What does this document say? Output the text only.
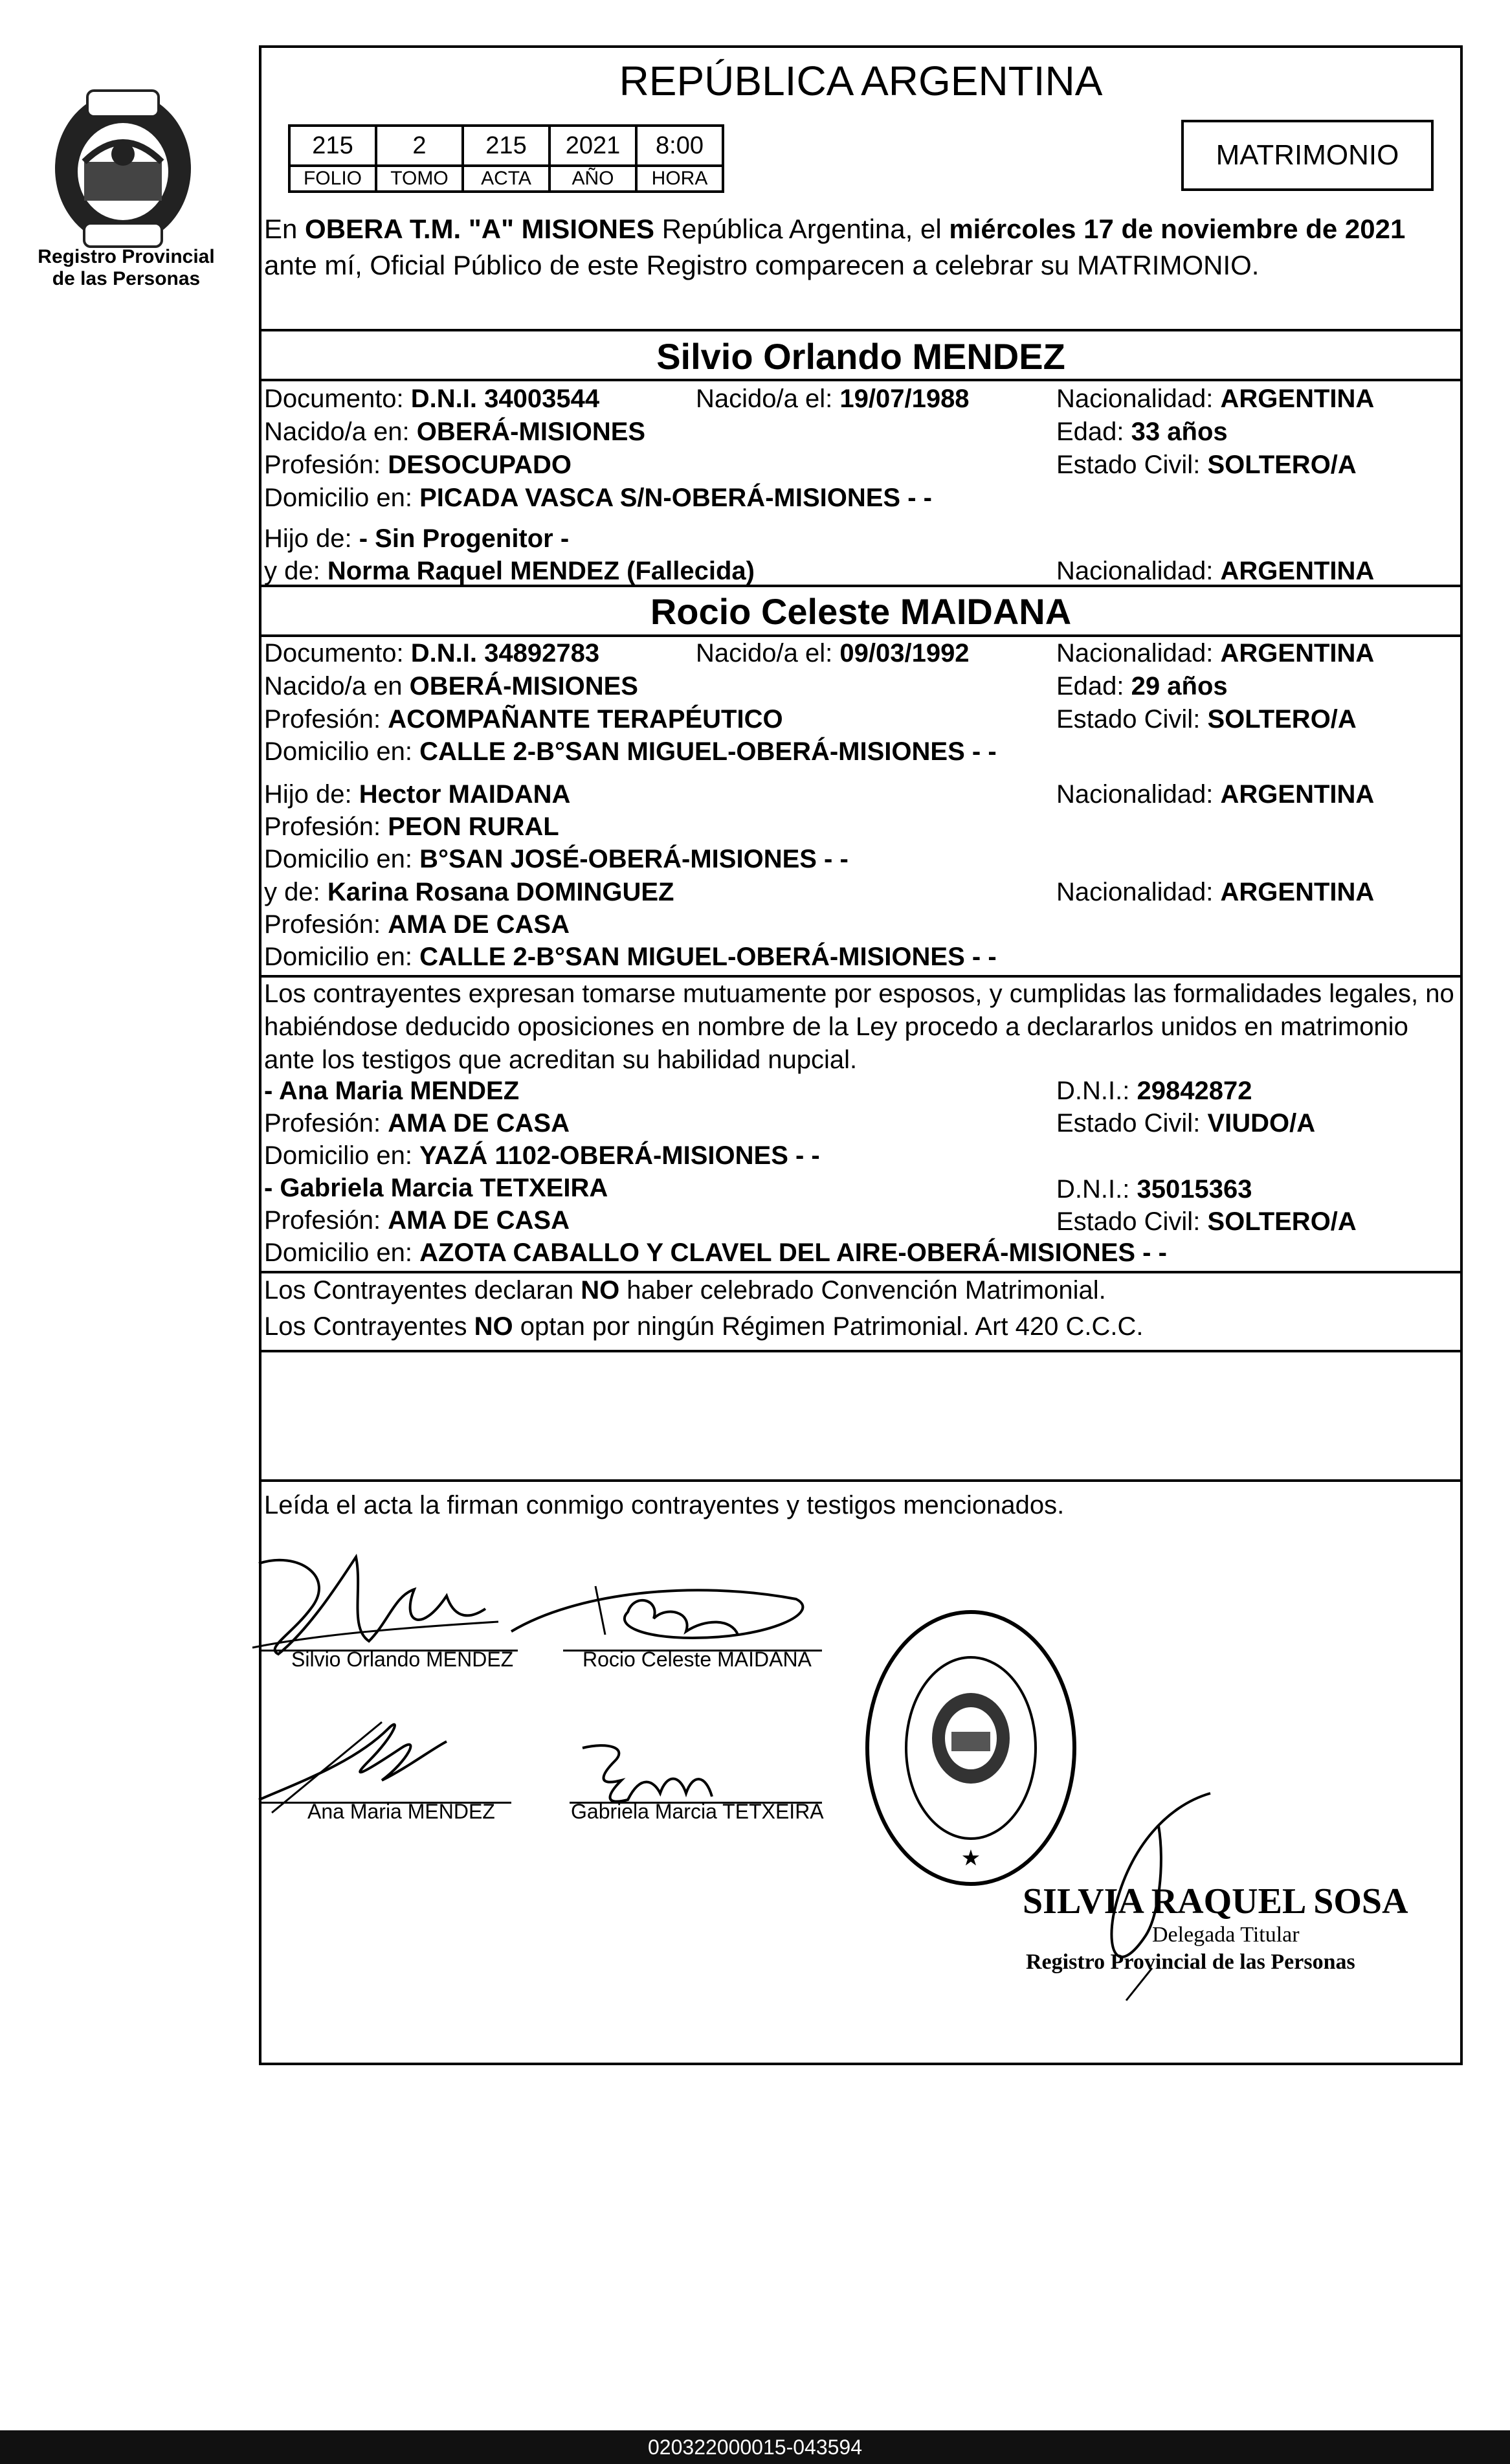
Registro Provincial
de las Personas
REPÚBLICA ARGENTINA
215	2	215	2021	8:00
FOLIO	TOMO	ACTA	AÑO	HORA
MATRIMONIO
En OBERA T.M. "A" MISIONES República Argentina, el miércoles 17 de noviembre de 2021 ante mí, Oficial Público de este Registro comparecen a celebrar su MATRIMONIO.
Silvio Orlando MENDEZ
Documento: D.N.I. 34003544	Nacido/a el: 19/07/1988	Nacionalidad: ARGENTINA
Nacido/a en: OBERÁ-MISIONES	Edad: 33 años
Profesión: DESOCUPADO	Estado Civil: SOLTERO/A
Domicilio en: PICADA VASCA S/N-OBERÁ-MISIONES - -
Hijo de: - Sin Progenitor -
y de: Norma Raquel MENDEZ (Fallecida)	Nacionalidad: ARGENTINA
Rocio Celeste MAIDANA
Documento: D.N.I. 34892783	Nacido/a el: 09/03/1992	Nacionalidad: ARGENTINA
Nacido/a en OBERÁ-MISIONES	Edad: 29 años
Profesión: ACOMPAÑANTE TERAPÉUTICO	Estado Civil: SOLTERO/A
Domicilio en: CALLE 2-B°SAN MIGUEL-OBERÁ-MISIONES - -
Hijo de: Hector MAIDANA	Nacionalidad: ARGENTINA
Profesión: PEON RURAL
Domicilio en: B°SAN JOSÉ-OBERÁ-MISIONES - -
y de: Karina Rosana DOMINGUEZ	Nacionalidad: ARGENTINA
Profesión: AMA DE CASA
Domicilio en: CALLE 2-B°SAN MIGUEL-OBERÁ-MISIONES - -
Los contrayentes expresan tomarse mutuamente por esposos, y cumplidas las formalidades legales, no habiéndose deducido oposiciones en nombre de la Ley procedo a declararlos unidos en matrimonio ante los testigos que acreditan su habilidad nupcial.
- Ana Maria MENDEZ	D.N.I.: 29842872
Profesión: AMA DE CASA	Estado Civil: VIUDO/A
Domicilio en: YAZÁ 1102-OBERÁ-MISIONES - -
- Gabriela Marcia TETXEIRA	D.N.I.: 35015363
Profesión: AMA DE CASA	Estado Civil: SOLTERO/A
Domicilio en: AZOTA CABALLO Y CLAVEL DEL AIRE-OBERÁ-MISIONES - -
Los Contrayentes declaran NO haber celebrado Convención Matrimonial.
Los Contrayentes NO optan por ningún Régimen Patrimonial. Art 420 C.C.C.
Leída el acta la firman conmigo contrayentes y testigos mencionados.
Silvio Orlando MENDEZ	Rocio Celeste MAIDANA
Ana Maria MENDEZ	Gabriela Marcia TETXEIRA
★
SILVIA RAQUEL SOSA
Delegada Titular
Registro Provincial de las Personas
020322000015-043594
